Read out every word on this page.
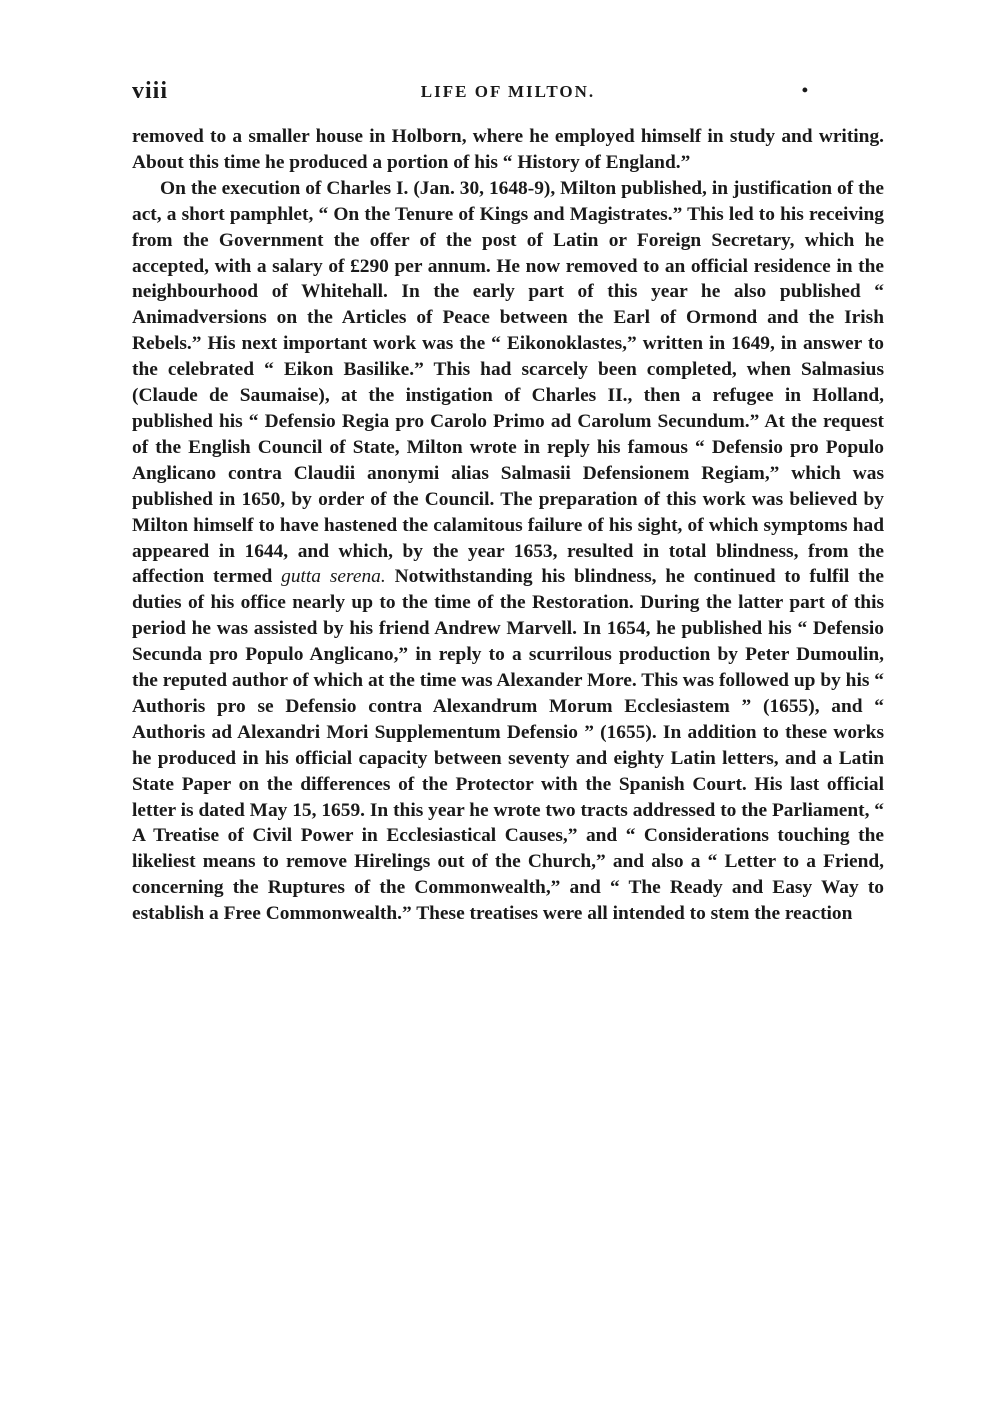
viii	LIFE OF MILTON.	•

removed to a smaller house in Holborn, where he employed himself in study and writing. About this time he produced a portion of his “ History of England.”

On the execution of Charles I. (Jan. 30, 1648-9), Milton published, in justification of the act, a short pamphlet, “ On the Tenure of Kings and Magistrates.” This led to his receiving from the Government the offer of the post of Latin or Foreign Secretary, which he accepted, with a salary of £290 per annum. He now removed to an official residence in the neighbourhood of Whitehall. In the early part of this year he also published “ Animadversions on the Articles of Peace between the Earl of Ormond and the Irish Rebels.” His next important work was the “ Eikonoklastes,” written in 1649, in answer to the celebrated “ Eikon Basilike.” This had scarcely been completed, when Salmasius (Claude de Saumaise), at the instigation of Charles II., then a refugee in Holland, published his “ Defensio Regia pro Carolo Primo ad Carolum Secundum.” At the request of the English Council of State, Milton wrote in reply his famous “ Defensio pro Populo Anglicano contra Claudii anonymi alias Salmasii Defensionem Regiam,” which was published in 1650, by order of the Council. The preparation of this work was believed by Milton himself to have hastened the calamitous failure of his sight, of which symptoms had appeared in 1644, and which, by the year 1653, resulted in total blindness, from the affection termed gutta serena. Notwithstanding his blindness, he continued to fulfil the duties of his office nearly up to the time of the Restoration. During the latter part of this period he was assisted by his friend Andrew Marvell. In 1654, he published his “ Defensio Secunda pro Populo Anglicano,” in reply to a scurrilous production by Peter Dumoulin, the reputed author of which at the time was Alexander More. This was followed up by his “ Authoris pro se Defensio contra Alexandrum Morum Ecclesiastem ” (1655), and “ Authoris ad Alexandri Mori Supplementum Defensio ” (1655). In addition to these works he produced in his official capacity between seventy and eighty Latin letters, and a Latin State Paper on the differences of the Protector with the Spanish Court. His last official letter is dated May 15, 1659. In this year he wrote two tracts addressed to the Parliament, “ A Treatise of Civil Power in Ecclesiastical Causes,” and “ Considerations touching the likeliest means to remove Hirelings out of the Church,” and also a “ Letter to a Friend, concerning the Ruptures of the Commonwealth,” and “ The Ready and Easy Way to establish a Free Commonwealth.” These treatises were all intended to stem the reaction
